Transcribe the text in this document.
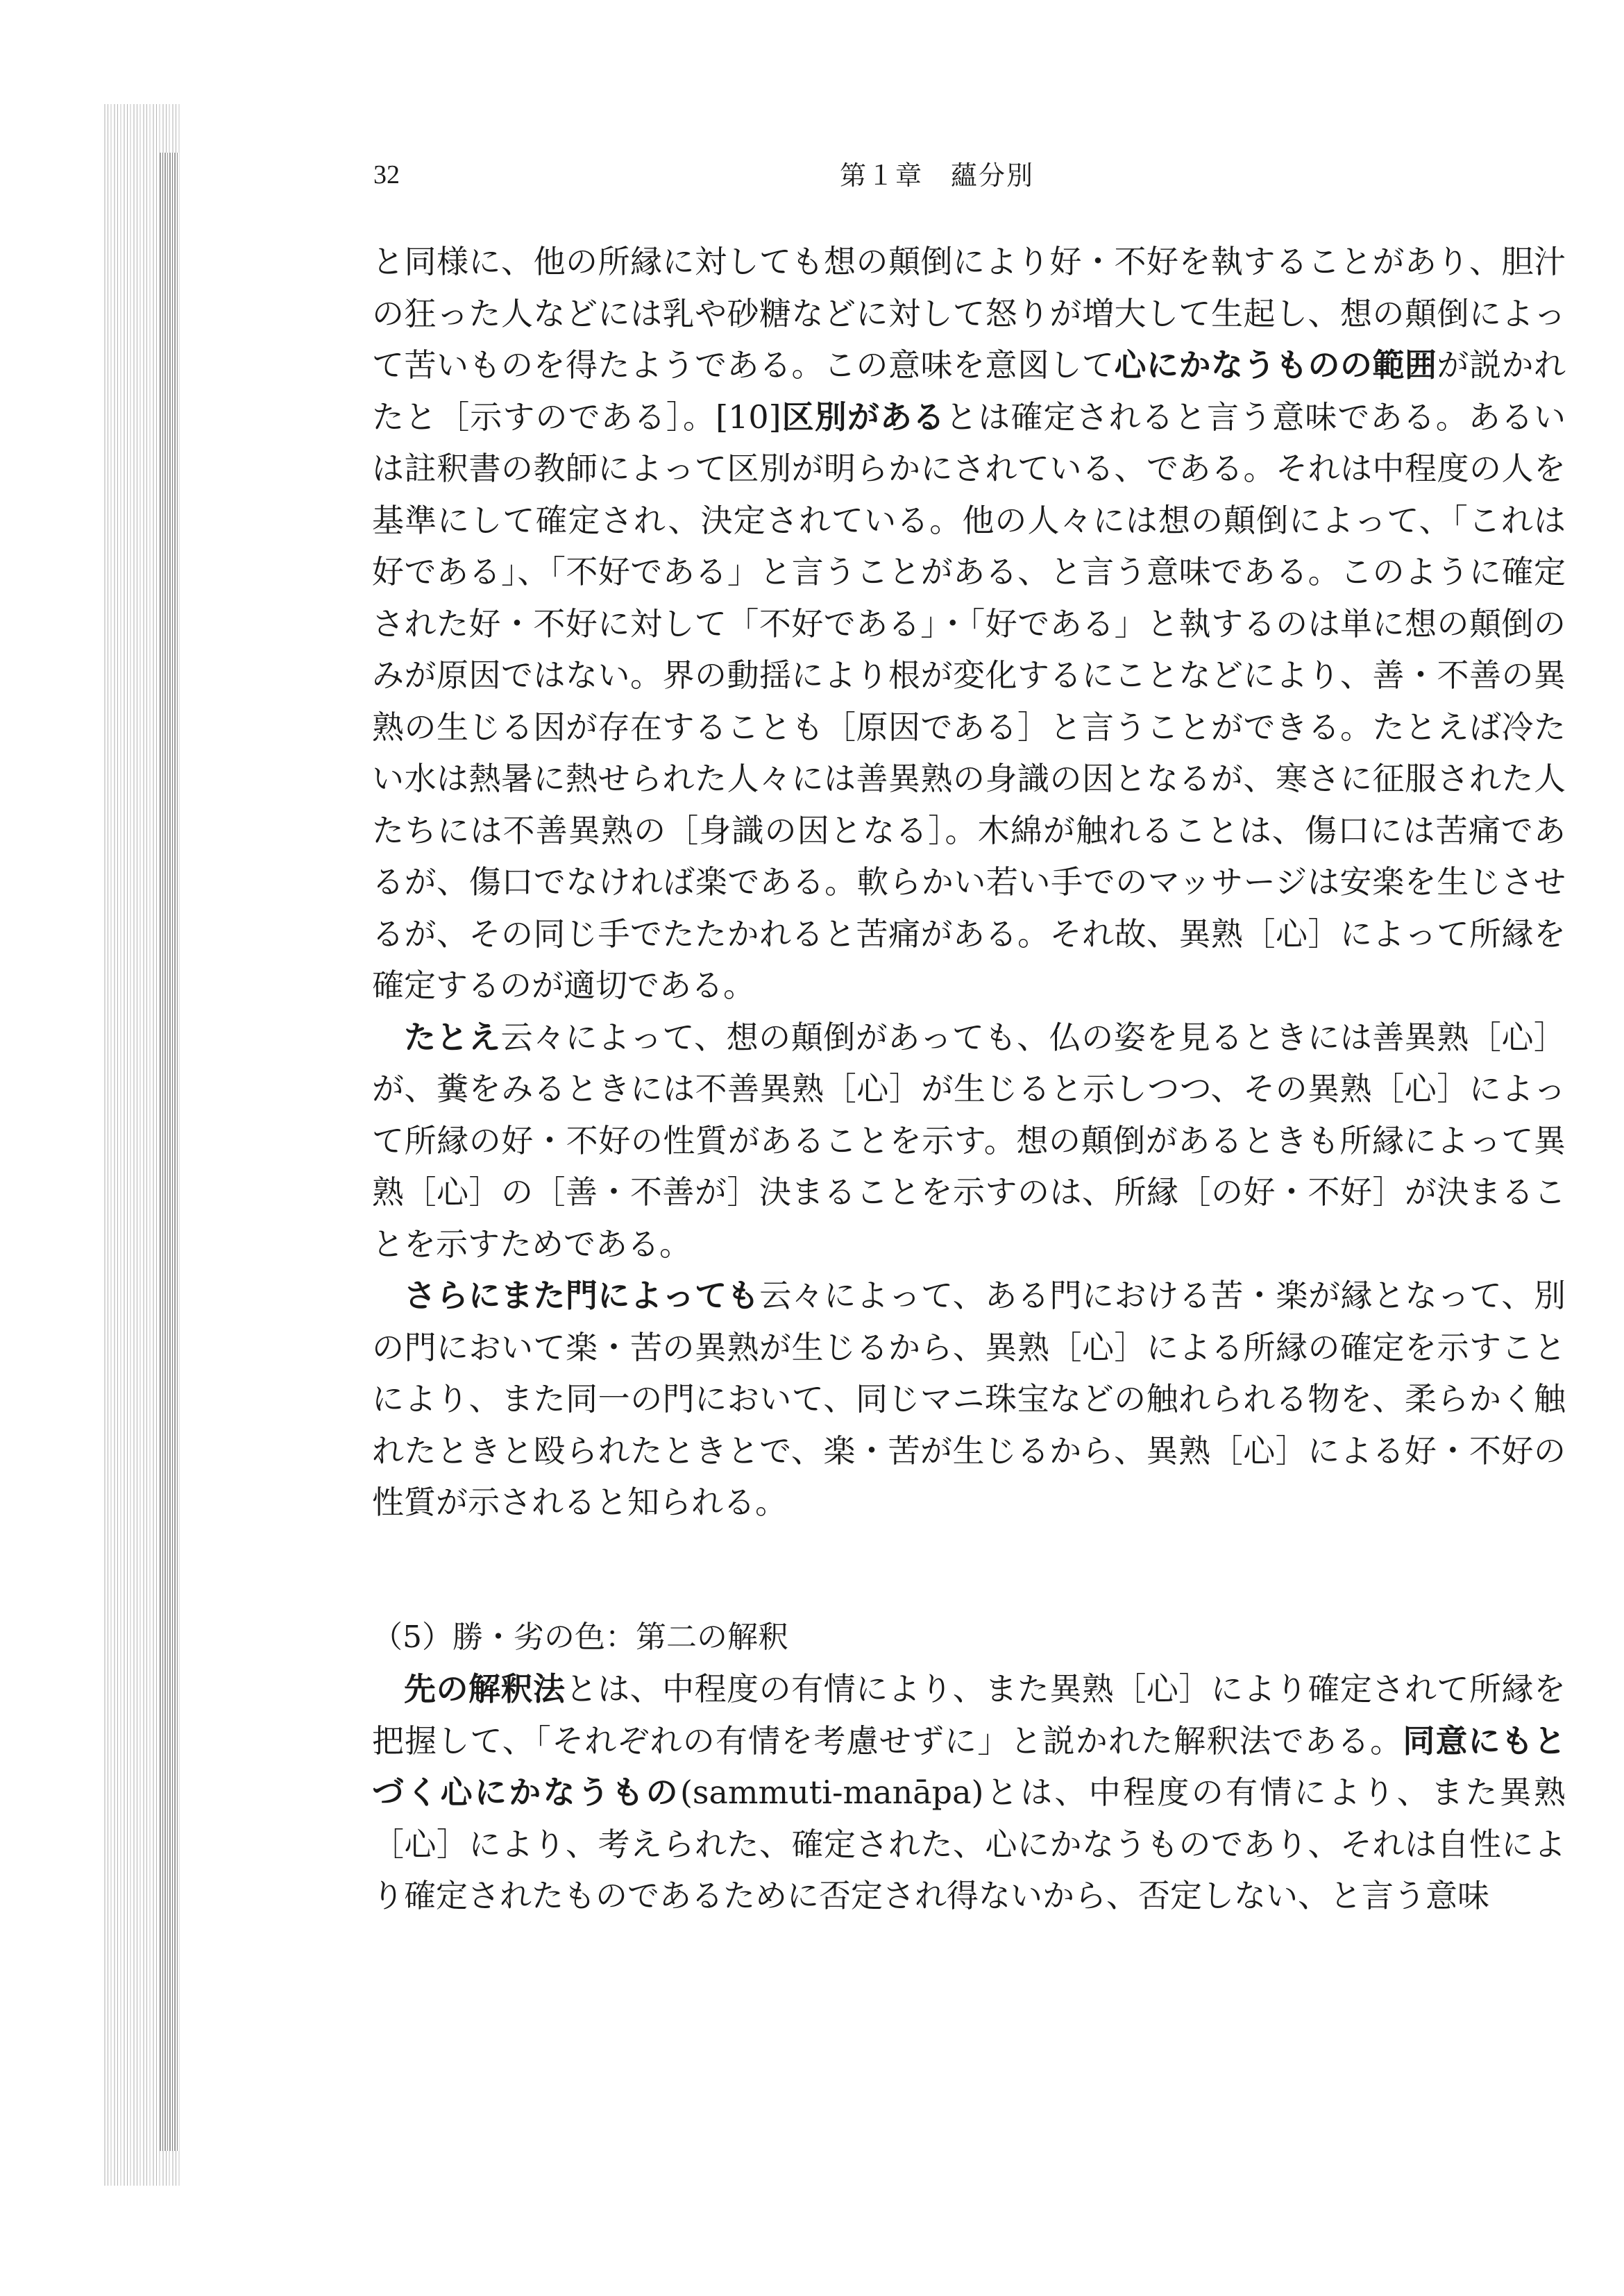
32	第１章　蘊分別

と同様に、他の所縁に対しても想の顛倒により好・不好を執することがあり、胆汁の狂った人などには乳や砂糖などに対して怒りが増大して生起し、想の顛倒によって苦いものを得たようである。この意味を意図して心にかなうものの範囲が説かれたと［示すのである］。[10]区別があるとは確定されると言う意味である。あるいは註釈書の教師によって区別が明らかにされている、である。それは中程度の人を基準にして確定され、決定されている。他の人々には想の顛倒によって、「これは好である」、「不好である」と言うことがある、と言う意味である。このように確定された好・不好に対して「不好である」・「好である」と執するのは単に想の顛倒のみが原因ではない。界の動揺により根が変化するにことなどにより、善・不善の異熟の生じる因が存在することも［原因である］と言うことができる。たとえば冷たい水は熱暑に熱せられた人々には善異熟の身識の因となるが、寒さに征服された人たちには不善異熟の［身識の因となる］。木綿が触れることは、傷口には苦痛であるが、傷口でなければ楽である。軟らかい若い手でのマッサージは安楽を生じさせるが、その同じ手でたたかれると苦痛がある。それ故、異熟［心］によって所縁を確定するのが適切である。

たとえ云々によって、想の顛倒があっても、仏の姿を見るときには善異熟［心］が、糞をみるときには不善異熟［心］が生じると示しつつ、その異熟［心］によって所縁の好・不好の性質があることを示す。想の顛倒があるときも所縁によって異熟［心］の［善・不善が］決まることを示すのは、所縁［の好・不好］が決まることを示すためである。

さらにまた門によっても云々によって、ある門における苦・楽が縁となって、別の門において楽・苦の異熟が生じるから、異熟［心］による所縁の確定を示すことにより、また同一の門において、同じマニ珠宝などの触れられる物を、柔らかく触れたときと殴られたときとで、楽・苦が生じるから、異熟［心］による好・不好の性質が示されると知られる。

（5）勝・劣の色：第二の解釈

先の解釈法とは、中程度の有情により、また異熟［心］により確定されて所縁を把握して、「それぞれの有情を考慮せずに」と説かれた解釈法である。同意にもとづく心にかなうもの(sammuti-manāpa)とは、中程度の有情により、また異熟［心］により、考えられた、確定された、心にかなうものであり、それは自性により確定されたものであるために否定され得ないから、否定しない、と言う意味
